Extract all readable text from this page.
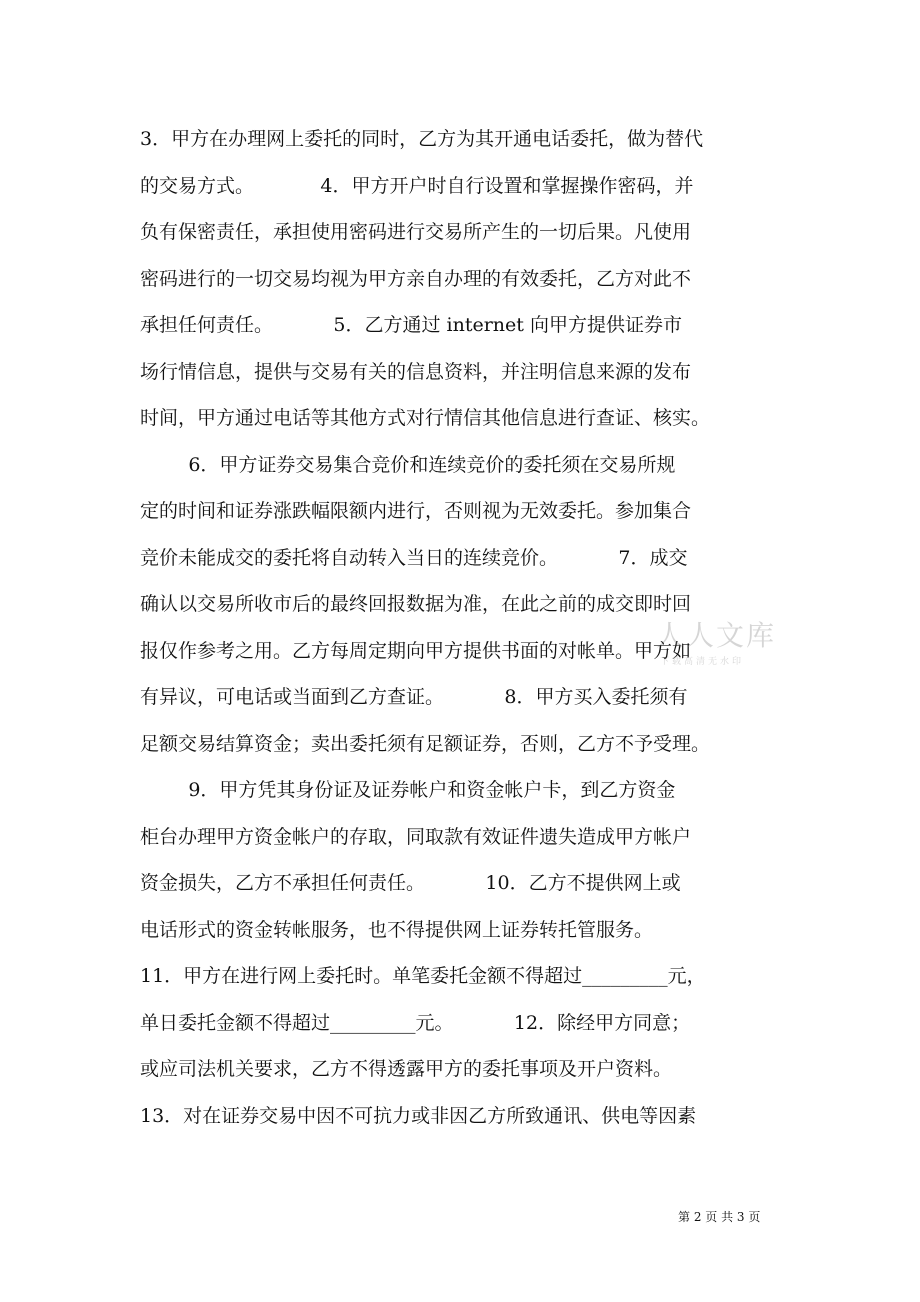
3．甲方在办理网上委托的同时，乙方为其开通电话委托，做为替代
的交易方式。           4．甲方开户时自行设置和掌握操作密码，并
负有保密责任，承担使用密码进行交易所产生的一切后果。凡使用
密码进行的一切交易均视为甲方亲自办理的有效委托，乙方对此不
承担任何责任。          5．乙方通过 internet 向甲方提供证券市
场行情信息，提供与交易有关的信息资料，并注明信息来源的发布
时间，甲方通过电话等其他方式对行情信其他信息进行查证、核实。
6．甲方证券交易集合竞价和连续竞价的委托须在交易所规
定的时间和证券涨跌幅限额内进行，否则视为无效委托。参加集合
竞价未能成交的委托将自动转入当日的连续竞价。          7．成交
确认以交易所收市后的最终回报数据为准，在此之前的成交即时回
报仅作参考之用。乙方每周定期向甲方提供书面的对帐单。甲方如
有异议，可电话或当面到乙方查证。          8．甲方买入委托须有
足额交易结算资金；卖出委托须有足额证券，否则，乙方不予受理。
9．甲方凭其身份证及证券帐户和资金帐户卡，到乙方资金
柜台办理甲方资金帐户的存取，同取款有效证件遗失造成甲方帐户
资金损失，乙方不承担任何责任。          10．乙方不提供网上或
电话形式的资金转帐服务，也不得提供网上证券转托管服务。
11．甲方在进行网上委托时。单笔委托金额不得超过_________元，
单日委托金额不得超过_________元。          12．除经甲方同意；
或应司法机关要求，乙方不得透露甲方的委托事项及开户资料。
13．对在证券交易中因不可抗力或非因乙方所致通讯、供电等因素
人人文库
下载高清无水印
第 2 页 共 3 页
